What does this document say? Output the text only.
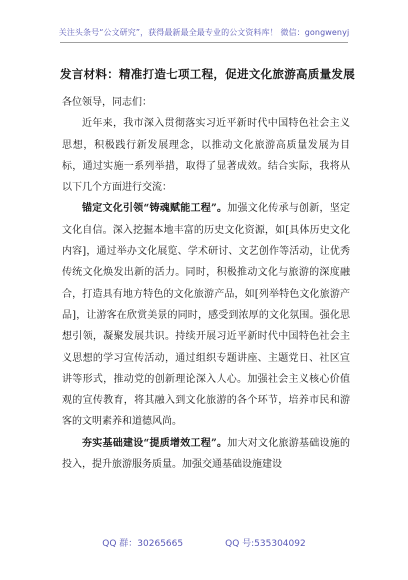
关注头条号“公文研究”，获得最新最全最专业的公文资料库！ 微信：gongwenyj
发言材料：精准打造七项工程，促进文化旅游高质量发展

各位领导，同志们：

近年来，我市深入贯彻落实习近平新时代中国特色社会主义思想，积极践行新发展理念，以推动文化旅游高质量发展为目标，通过实施一系列举措，取得了显著成效。结合实际，我将从以下几个方面进行交流：

锚定文化引领“铸魂赋能工程”。加强文化传承与创新，坚定文化自信。深入挖掘本地丰富的历史文化资源，如[具体历史文化内容]，通过举办文化展览、学术研讨、文艺创作等活动，让优秀传统文化焕发出新的活力。同时，积极推动文化与旅游的深度融合，打造具有地方特色的文化旅游产品，如[列举特色文化旅游产品]，让游客在欣赏美景的同时，感受到浓厚的文化氛围。强化思想引领，凝聚发展共识。持续开展习近平新时代中国特色社会主义思想的学习宣传活动，通过组织专题讲座、主题党日、社区宣讲等形式，推动党的创新理论深入人心。加强社会主义核心价值观的宣传教育，将其融入到文化旅游的各个环节，培养市民和游客的文明素养和道德风尚。

夯实基础建设“提质增效工程”。加大对文化旅游基础设施的投入，提升旅游服务质量。加强交通基础设施建设

QQ 群：30265665	QQ 号:535304092
